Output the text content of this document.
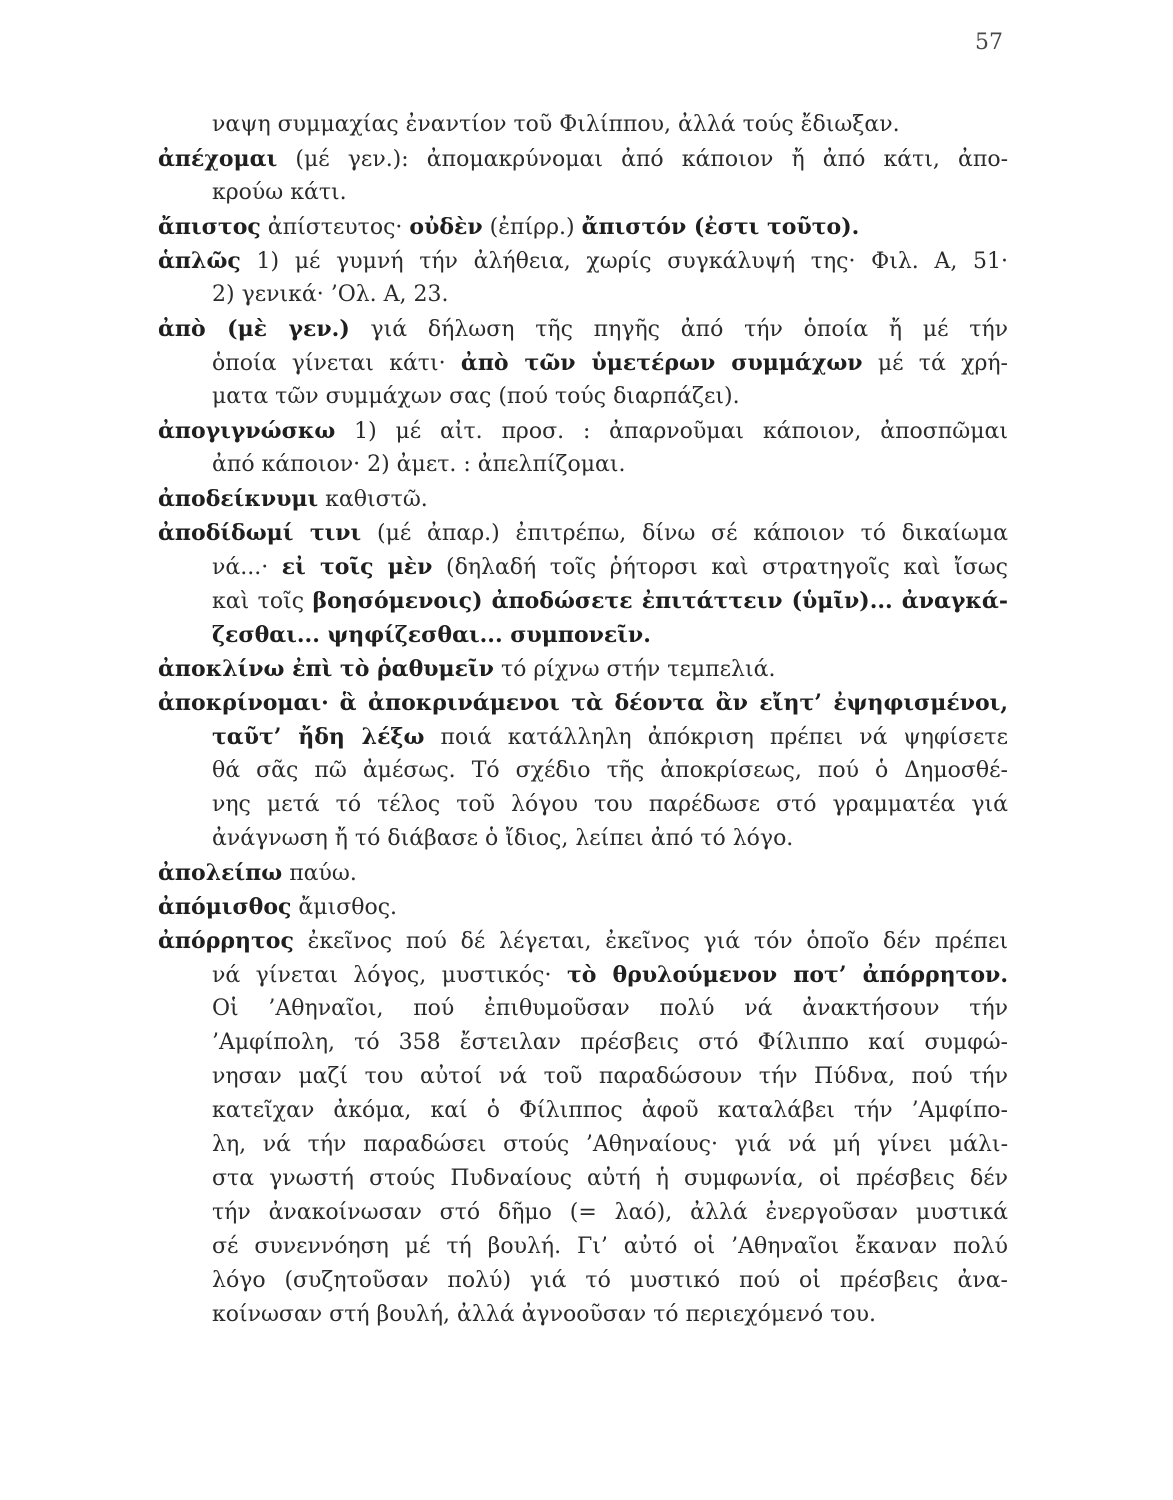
57
ναψη συμμαχίας ἐναντίον τοῦ Φιλίππου, ἀλλά τούς ἔδιωξαν.
ἀπέχομαι (μέ γεν.): ἀπομακρύνομαι ἀπό κάποιον ἤ ἀπό κάτι, ἀπο-
κρούω κάτι.
ἄπιστος ἀπίστευτος· οὐδὲν (ἐπίρρ.) ἄπιστόν (ἐστι τοῦτο).
ἁπλῶς 1) μέ γυμνή τήν ἀλήθεια, χωρίς συγκάλυψή της· Φιλ. Α, 51·
2) γενικά· ’Ολ. Α, 23.
ἀπὸ (μὲ γεν.) γιά δήλωση τῆς πηγῆς ἀπό τήν ὁποία ἤ μέ τήν
ὁποία γίνεται κάτι· ἀπὸ τῶν ὑμετέρων συμμάχων μέ τά χρή-
ματα τῶν συμμάχων σας (πού τούς διαρπάζει).
ἀπογιγνώσκω 1) μέ αἰτ. προσ. : ἀπαρνοῦμαι κάποιον, ἀποσπῶμαι
ἀπό κάποιον· 2) ἀμετ. : ἀπελπίζομαι.
ἀποδείκνυμι καθιστῶ.
ἀποδίδωμί τινι (μέ ἀπαρ.) ἐπιτρέπω, δίνω σέ κάποιον τό δικαίωμα
νά...· εἰ τοῖς μὲν (δηλαδή τοῖς ῥήτορσι καὶ στρατηγοῖς καὶ ἴσως
καὶ τοῖς βοησόμενοις) ἀποδώσετε ἐπιτάττειν (ὑμῖν)... ἀναγκά-
ζεσθαι... ψηφίζεσθαι... συμπονεῖν.
ἀποκλίνω ἐπὶ τὸ ῥαθυμεῖν τό ρίχνω στήν τεμπελιά.
ἀποκρίνομαι· ἃ ἀποκρινάμενοι τὰ δέοντα ἂν εἴητ’ ἐψηφισμένοι,
ταῦτ’ ἤδη λέξω ποιά κατάλληλη ἀπόκριση πρέπει νά ψηφίσετε
θά σᾶς πῶ ἀμέσως. Τό σχέδιο τῆς ἀποκρίσεως, πού ὁ Δημοσθέ-
νης μετά τό τέλος τοῦ λόγου του παρέδωσε στό γραμματέα γιά
ἀνάγνωση ἤ τό διάβασε ὁ ἴδιος, λείπει ἀπό τό λόγο.
ἀπολείπω παύω.
ἀπόμισθος ἄμισθος.
ἀπόρρητος ἐκεῖνος πού δέ λέγεται, ἐκεῖνος γιά τόν ὁποῖο δέν πρέπει
νά γίνεται λόγος, μυστικός· τὸ θρυλούμενον ποτ’ ἀπόρρητον.
Οἱ ’Αθηναῖοι, πού ἐπιθυμοῦσαν πολύ νά ἀνακτήσουν τήν
’Αμφίπολη, τό 358 ἔστειλαν πρέσβεις στό Φίλιππο καί συμφώ-
νησαν μαζί του αὐτοί νά τοῦ παραδώσουν τήν Πύδνα, πού τήν
κατεῖχαν ἀκόμα, καί ὁ Φίλιππος ἀφοῦ καταλάβει τήν ’Αμφίπο-
λη, νά τήν παραδώσει στούς ’Αθηναίους· γιά νά μή γίνει μάλι-
στα γνωστή στούς Πυδναίους αὐτή ἡ συμφωνία, οἱ πρέσβεις δέν
τήν ἀνακοίνωσαν στό δῆμο (= λαό), ἀλλά ἐνεργοῦσαν μυστικά
σέ συνεννόηση μέ τή βουλή. Γι’ αὐτό οἱ ’Αθηναῖοι ἔκαναν πολύ
λόγο (συζητοῦσαν πολύ) γιά τό μυστικό πού οἱ πρέσβεις ἀνα-
κοίνωσαν στή βουλή, ἀλλά ἀγνοοῦσαν τό περιεχόμενό του.
